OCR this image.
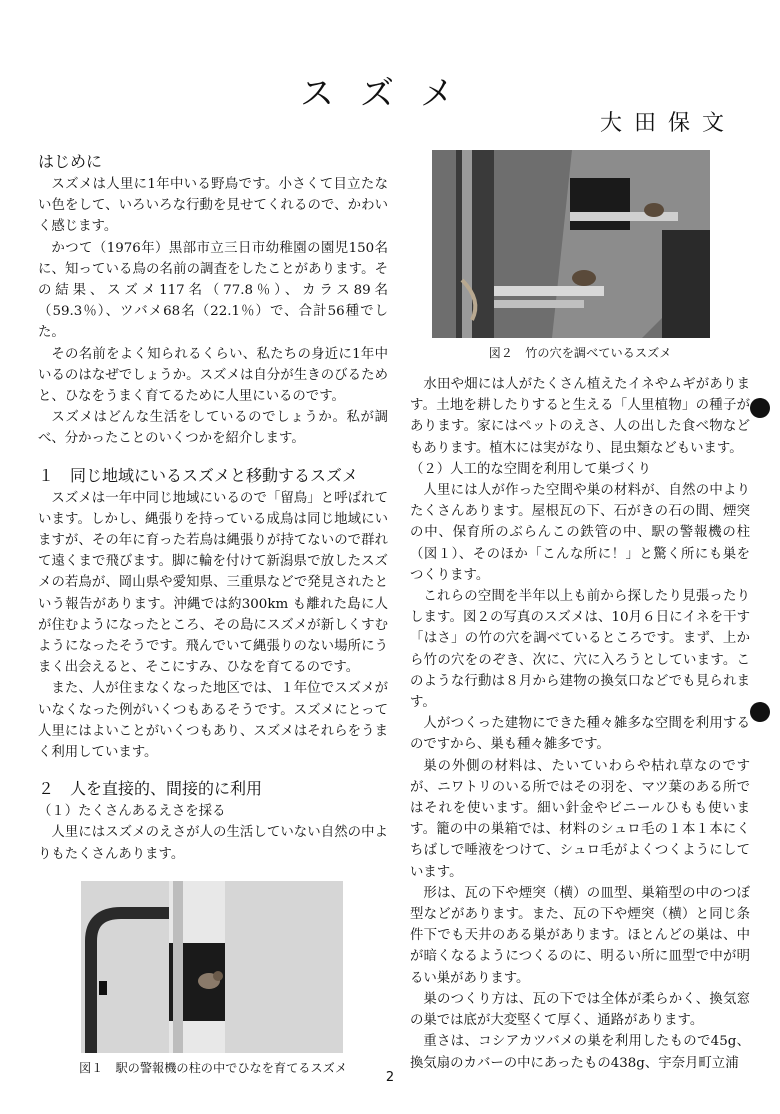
スズメ
大田保文
はじめに

スズメは人里に1年中いる野鳥です。小さくて目立たない色をして、いろいろな行動を見せてくれるので、かわいく感じます。

かつて（1976年）黒部市立三日市幼稚園の園児150名に、知っている鳥の名前の調査をしたことがあります。その結果、スズメ117名（77.8％）、カラス89名（59.3％）、ツバメ68名（22.1％）で、合計56種でした。

その名前をよく知られるくらい、私たちの身近に1年中いるのはなぜでしょうか。スズメは自分が生きのびるためと、ひなをうまく育てるために人里にいるのです。

スズメはどんな生活をしているのでしょうか。私が調べ、分かったことのいくつかを紹介します。

１　同じ地域にいるスズメと移動するスズメ

スズメは一年中同じ地域にいるので「留鳥」と呼ばれています。しかし、縄張りを持っている成鳥は同じ地域にいますが、その年に育った若鳥は縄張りが持てないので群れて遠くまで飛びます。脚に輪を付けて新潟県で放したスズメの若鳥が、岡山県や愛知県、三重県などで発見されたという報告があります。沖縄では約300km も離れた島に人が住むようになったところ、その島にスズメが新しくすむようになったそうです。飛んでいて縄張りのない場所にうまく出会えると、そこにすみ、ひなを育てるのです。

また、人が住まなくなった地区では、１年位でスズメがいなくなった例がいくつもあるそうです。スズメにとって人里にはよいことがいくつもあり、スズメはそれらをうまく利用しています。

２　人を直接的、間接的に利用
（１）たくさんあるえさを採る

人里にはスズメのえさが人の生活していない自然の中よりもたくさんあります。

図１　駅の警報機の柱の中でひなを育てるスズメ
図２　竹の穴を調べているスズメ

水田や畑には人がたくさん植えたイネやムギがあります。土地を耕したりすると生える「人里植物」の種子があります。家にはペットのえさ、人の出した食べ物などもあります。植木には実がなり、昆虫類などもいます。

（２）人工的な空間を利用して巣づくり

人里には人が作った空間や巣の材料が、自然の中よりたくさんあります。屋根瓦の下、石がきの石の間、煙突の中、保育所のぶらんこの鉄管の中、駅の警報機の柱（図１）、そのほか「こんな所に！」と驚く所にも巣をつくります。

これらの空間を半年以上も前から探したり見張ったりします。図２の写真のスズメは、10月６日にイネを干す「はさ」の竹の穴を調べているところです。まず、上から竹の穴をのぞき、次に、穴に入ろうとしています。このような行動は８月から建物の換気口などでも見られます。

人がつくった建物にできた種々雑多な空間を利用するのですから、巣も種々雑多です。

巣の外側の材料は、たいていわらや枯れ草なのですが、ニワトリのいる所ではその羽を、マツ葉のある所ではそれを使います。細い針金やビニールひもも使います。籠の中の巣箱では、材料のシュロ毛の１本１本にくちばしで唾液をつけて、シュロ毛がよくつくようにしています。

形は、瓦の下や煙突（横）の皿型、巣箱型の中のつぼ型などがあります。また、瓦の下や煙突（横）と同じ条件下でも天井のある巣があります。ほとんどの巣は、中が暗くなるようにつくるのに、明るい所に皿型で中が明るい巣があります。

巣のつくり方は、瓦の下では全体が柔らかく、換気窓の巣では底が大変堅くて厚く、通路があります。

重さは、コシアカツバメの巣を利用したもので45g、換気扇のカバーの中にあったもの438g、宇奈月町立浦

2
